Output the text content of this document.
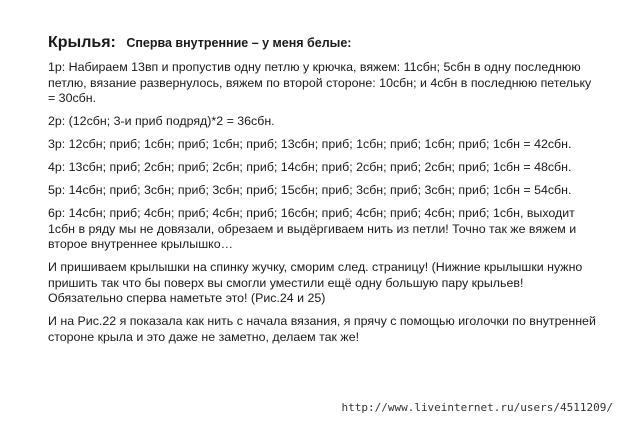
Крылья: Сперва внутренние – у меня белые:

1р: Набираем 13вп и пропустив одну петлю у крючка, вяжем: 11сбн; 5сбн в одну последнюю петлю, вязание развернулось, вяжем по второй стороне: 10сбн; и 4сбн в последнюю петельку = 30сбн.

2р: (12сбн; 3-и приб подряд)*2 = 36сбн.

3р: 12сбн; приб; 1сбн; приб; 1сбн; приб; 13сбн; приб; 1сбн; приб; 1сбн; приб; 1сбн = 42сбн.

4р: 13сбн; приб; 2сбн; приб; 2сбн; приб; 14сбн; приб; 2сбн; приб; 2сбн; приб; 1сбн = 48сбн.

5р: 14сбн; приб; 3сбн; приб; 3сбн; приб; 15сбн; приб; 3сбн; приб; 3сбн; приб; 1сбн = 54сбн.

6р: 14сбн; приб; 4сбн; приб; 4сбн; приб; 16сбн; приб; 4сбн; приб; 4сбн; приб; 1сбн, выходит 1сбн в ряду мы не довязали, обрезаем и выдёргиваем нить из петли! Точно так же вяжем и второе внутреннее крылышко…

И пришиваем крылышки на спинку жучку, сморим след. страницу! (Нижние крылышки нужно пришить так что бы поверх вы смогли уместили ещё одну большую пару крыльев! Обязательно сперва наметьте это! (Рис.24 и 25)

И на Рис.22 я показала как нить с начала вязания, я прячу с помощью иголочки по внутренней стороне крыла и это даже не заметно, делаем так же!

http://www.liveinternet.ru/users/4511209/
